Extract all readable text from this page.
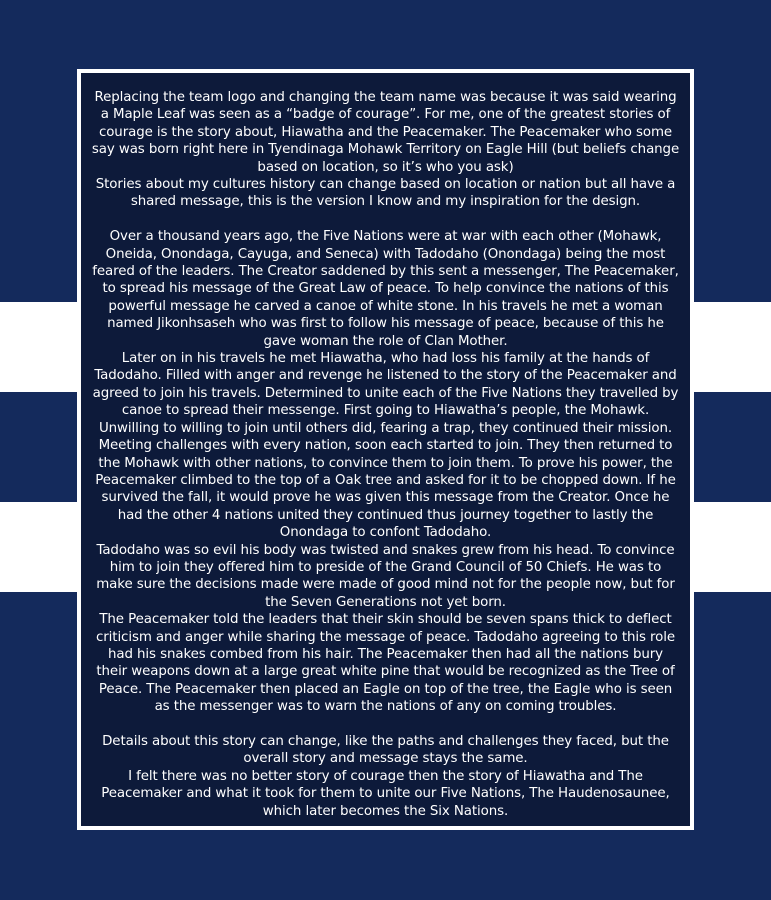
Replacing the team logo and changing the team name was because it was said wearing a Maple Leaf was seen as a “badge of courage”. For me, one of the greatest stories of courage is the story about, Hiawatha and the Peacemaker. The Peacemaker who some say was born right here in Tyendinaga Mohawk Territory on Eagle Hill (but beliefs change based on location, so it’s who you ask)
Stories about my cultures history can change based on location or nation but all have a shared message, this is the version I know and my inspiration for the design.
Over a thousand years ago, the Five Nations were at war with each other (Mohawk, Oneida, Onondaga, Cayuga, and Seneca) with Tadodaho (Onondaga) being the most feared of the leaders. The Creator saddened by this sent a messenger, The Peacemaker, to spread his message of the Great Law of peace. To help convince the nations of this powerful message he carved a canoe of white stone. In his travels he met a woman named Jikonhsaseh who was first to follow his message of peace, because of this he gave woman the role of Clan Mother.
Later on in his travels he met Hiawatha, who had loss his family at the hands of Tadodaho. Filled with anger and revenge he listened to the story of the Peacemaker and agreed to join his travels. Determined to unite each of the Five Nations they travelled by canoe to spread their messenge. First going to Hiawatha’s people, the Mohawk. Unwilling to willing to join until others did, fearing a trap, they continued their mission. Meeting challenges with every nation, soon each started to join. They then returned to the Mohawk with other nations, to convince them to join them. To prove his power, the Peacemaker climbed to the top of a Oak tree and asked for it to be chopped down. If he survived the fall, it would prove he was given this message from the Creator. Once he had the other 4 nations united they continued thus journey together to lastly the Onondaga to confont Tadodaho.
Tadodaho was so evil his body was twisted and snakes grew from his head. To convince him to join they offered him to preside of the Grand Council of 50 Chiefs. He was to make sure the decisions made were made of good mind not for the people now, but for the Seven Generations not yet born.
The Peacemaker told the leaders that their skin should be seven spans thick to deflect criticism and anger while sharing the message of peace. Tadodaho agreeing to this role had his snakes combed from his hair. The Peacemaker then had all the nations bury their weapons down at a large great white pine that would be recognized as the Tree of Peace. The Peacemaker then placed an Eagle on top of the tree, the Eagle who is seen as the messenger was to warn the nations of any on coming troubles.
Details about this story can change, like the paths and challenges they faced, but the overall story and message stays the same.
I felt there was no better story of courage then the story of Hiawatha and The Peacemaker and what it took for them to unite our Five Nations, The Haudenosaunee, which later becomes the Six Nations.
